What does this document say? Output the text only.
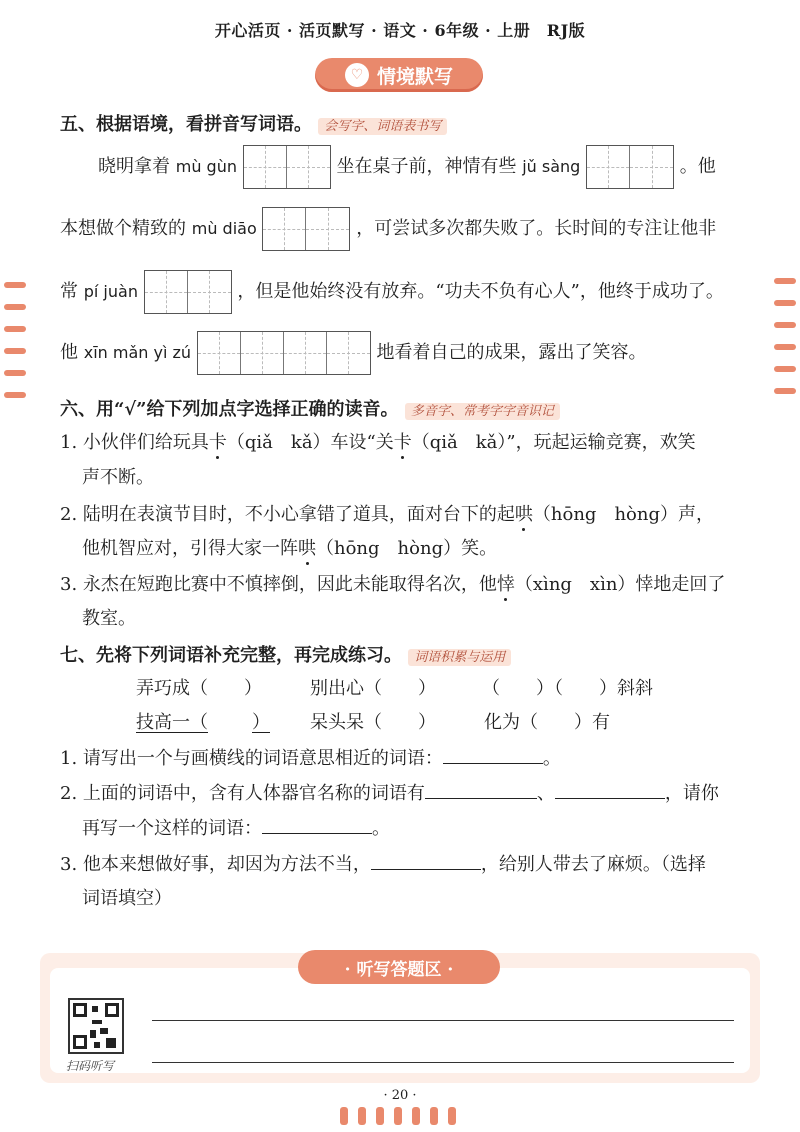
开心活页 · 活页默写 · 语文 · 6年级 · 上册　RJ版
♡ 情境默写
五、根据语境，看拼音写词语。 会写字、词语表书写
晓明拿着 mù gùn	坐在桌子前，神情有些 jǔ sàng	。他
本想做个精致的 mù diāo	，可尝试多次都失败了。长时间的专注让他非
常 pí juàn	，但是他始终没有放弃。“功夫不负有心人”，他终于成功了。
他 xīn mǎn yì zú	地看着自己的成果，露出了笑容。
六、用“√”给下列加点字选择正确的读音。 多音字、常考字字音识记
1. 小伙伴们给玩具卡（qiǎ　kǎ）车设“关卡（qiǎ　kǎ）”，玩起运输竞赛，欢笑
声不断。
2. 陆明在表演节目时，不小心拿错了道具，面对台下的起哄（hōng　hòng）声，
他机智应对，引得大家一阵哄（hōng　hòng）笑。
3. 永杰在短跑比赛中不慎摔倒，因此未能取得名次，他悻（xìng　xìn）悻地走回了
教室。
七、先将下列词语补充完整，再完成练习。 词语积累与运用
弄巧成（　　）	别出心（　　）	（　　）（　　）斜斜
技高一（ ） 呆头呆（　　）	化为（　　）有
1. 请写出一个与画横线的词语意思相近的词语：	。
2. 上面的词语中，含有人体器官名称的词语有	、	，请你
再写一个这样的词语：	。
3. 他本来想做好事，却因为方法不当，	，给别人带去了麻烦。（选择
词语填空）
· 听写答题区 ·
扫码听写
· 20 ·
